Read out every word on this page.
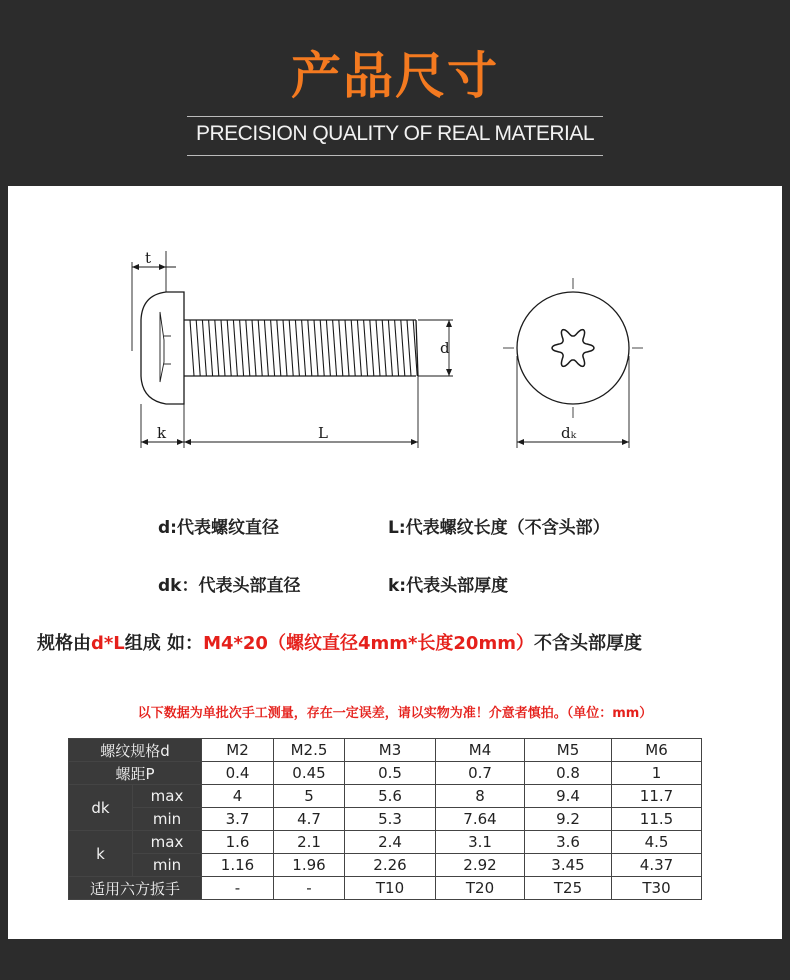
产品尺寸
PRECISION QUALITY OF REAL MATERIAL
t
d
k	L	dₖ
d:代表螺纹直径	L:代表螺纹长度（不含头部）
dk：代表头部直径	k:代表头部厚度
规格由d*L组成 如：M4*20（螺纹直径4mm*长度20mm）不含头部厚度
以下数据为单批次手工测量，存在一定误差，请以实物为准！介意者慎拍。（单位：mm）
螺纹规格d		M2	M2.5	M3	M4	M5	M6
螺距P		0.4	0.45	0.5	0.7	0.8	1
dk	max	4	5	5.6	8	9.4	11.7
	min	3.7	4.7	5.3	7.64	9.2	11.5
k	max	1.6	2.1	2.4	3.1	3.6	4.5
	min	1.16	1.96	2.26	2.92	3.45	4.37
适用六方扳手		-	-	T10	T20	T25	T30
